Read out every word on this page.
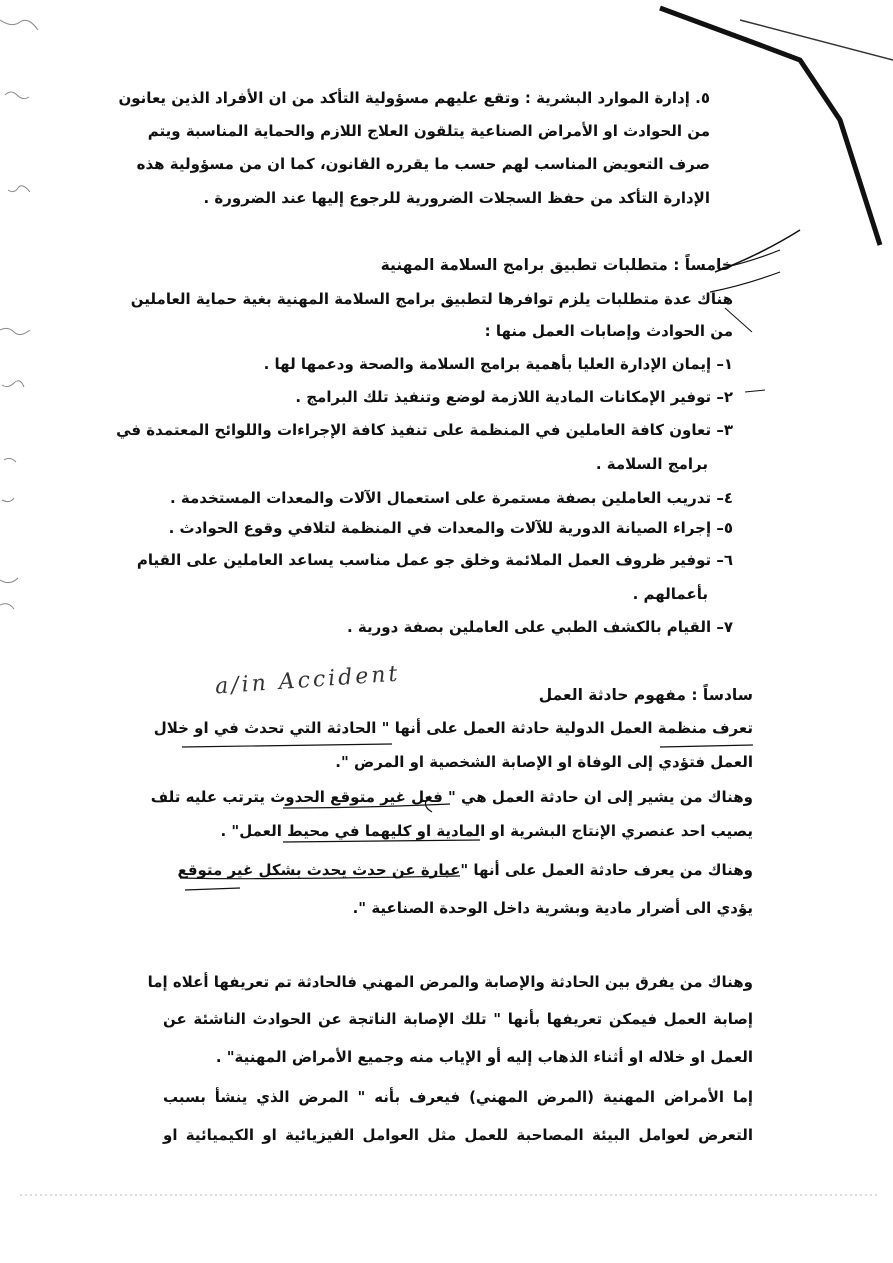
a/in Accident
٥. إدارة الموارد البشرية : وتقع عليهم مسؤولية التأكد من ان الأفراد الذين يعانون
من الحوادث او الأمراض الصناعية يتلقون العلاج اللازم والحماية المناسبة ويتم
صرف التعويض المناسب لهم حسب ما يقرره القانون، كما ان من مسؤولية هذه
الإدارة التأكد من حفظ السجلات الضرورية للرجوع إليها عند الضرورة .
خامساً : متطلبات تطبيق برامج السلامة المهنية
هناك عدة متطلبات يلزم توافرها لتطبيق برامج السلامة المهنية بغية حماية العاملين
من الحوادث وإصابات العمل منها :
١– إيمان الإدارة العليا بأهمية برامج السلامة والصحة ودعمها لها .
٢– توفير الإمكانات المادية اللازمة لوضع وتنفيذ تلك البرامج .
٣– تعاون كافة العاملين في المنظمة على تنفيذ كافة الإجراءات واللوائح المعتمدة في
برامج السلامة .
٤– تدريب العاملين بصفة مستمرة على استعمال الآلات والمعدات المستخدمة .
٥– إجراء الصيانة الدورية للآلات والمعدات في المنظمة لتلافي وقوع الحوادث .
٦– توفير ظروف العمل الملائمة وخلق جو عمل مناسب يساعد العاملين على القيام
بأعمالهم .
٧– القيام بالكشف الطبي على العاملين بصفة دورية .
سادساً : مفهوم حادثة العمل
تعرف منظمة العمل الدولية حادثة العمل على أنها " الحادثة التي تحدث في او خلال
العمل فتؤدي إلى الوفاة او الإصابة الشخصية او المرض ".
وهناك من يشير إلى ان حادثة العمل هي " فعل غير متوقع الحدوث يترتب عليه تلف
يصيب احد عنصري الإنتاج البشرية او المادية او كليهما في محيط العمل" .
وهناك من يعرف حادثة العمل على أنها "عبارة عن حدث يحدث بشكل غير متوقع
يؤدي الى أضرار مادية وبشرية داخل الوحدة الصناعية ".
وهناك من يفرق بين الحادثة والإصابة والمرض المهني فالحادثة تم تعريفها أعلاه إما
إصابة العمل فيمكن تعريفها بأنها " تلك الإصابة الناتجة عن الحوادث الناشئة عن
العمل او خلاله او أثناء الذهاب إليه أو الإياب منه وجميع الأمراض المهنية" .
إما الأمراض المهنية (المرض المهني) فيعرف بأنه " المرض الذي ينشأ بسبب
التعرض لعوامل البيئة المصاحبة للعمل مثل العوامل الفيزيائية او الكيميائية او
